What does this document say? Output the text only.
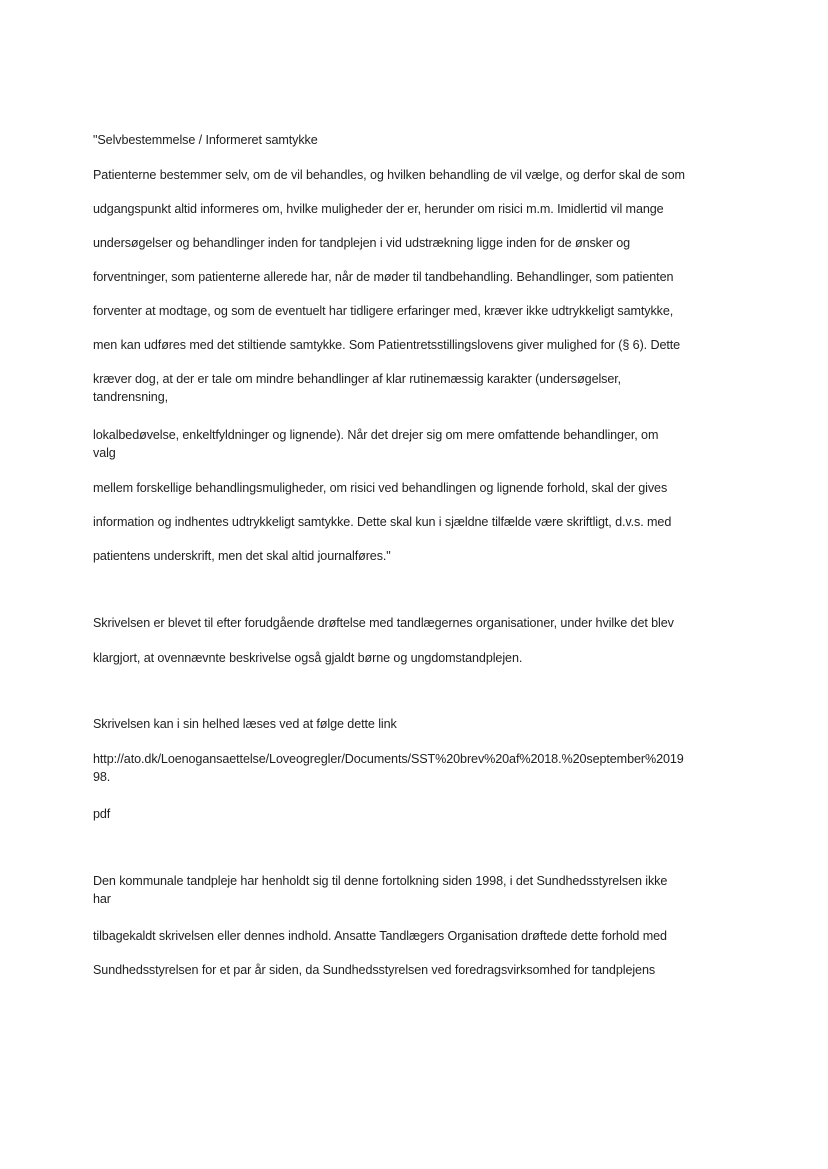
"Selvbestemmelse / Informeret samtykke
Patienterne bestemmer selv, om de vil behandles, og hvilken behandling de vil vælge, og derfor skal de som
udgangspunkt altid informeres om, hvilke muligheder der er, herunder om risici m.m. Imidlertid vil mange
undersøgelser og behandlinger inden for tandplejen i vid udstrækning ligge inden for de ønsker og
forventninger, som patienterne allerede har, når de møder til tandbehandling. Behandlinger, som patienten
forventer at modtage, og som de eventuelt har tidligere erfaringer med, kræver ikke udtrykkeligt samtykke,
men kan udføres med det stiltiende samtykke. Som Patientretsstillingslovens giver mulighed for (§ 6). Dette
kræver dog, at der er tale om mindre behandlinger af klar rutinemæssig karakter (undersøgelser,
tandrensning,
lokalbedøvelse, enkeltfyldninger og lignende). Når det drejer sig om mere omfattende behandlinger, om
valg
mellem forskellige behandlingsmuligheder, om risici ved behandlingen og lignende forhold, skal der gives
information og indhentes udtrykkeligt samtykke. Dette skal kun i sjældne tilfælde være skriftligt, d.v.s. med
patientens underskrift, men det skal altid journalføres."
Skrivelsen er blevet til efter forudgående drøftelse med tandlægernes organisationer, under hvilke det blev
klargjort, at ovennævnte beskrivelse også gjaldt børne og ungdomstandplejen.
Skrivelsen kan i sin helhed læses ved at følge dette link
http://ato.dk/Loenogansaettelse/Loveogregler/Documents/SST%20brev%20af%2018.%20september%2019
98.
pdf
Den kommunale tandpleje har henholdt sig til denne fortolkning siden 1998, i det Sundhedsstyrelsen ikke
har
tilbagekaldt skrivelsen eller dennes indhold. Ansatte Tandlægers Organisation drøftede dette forhold med
Sundhedsstyrelsen for et par år siden, da Sundhedsstyrelsen ved foredragsvirksomhed for tandplejens
